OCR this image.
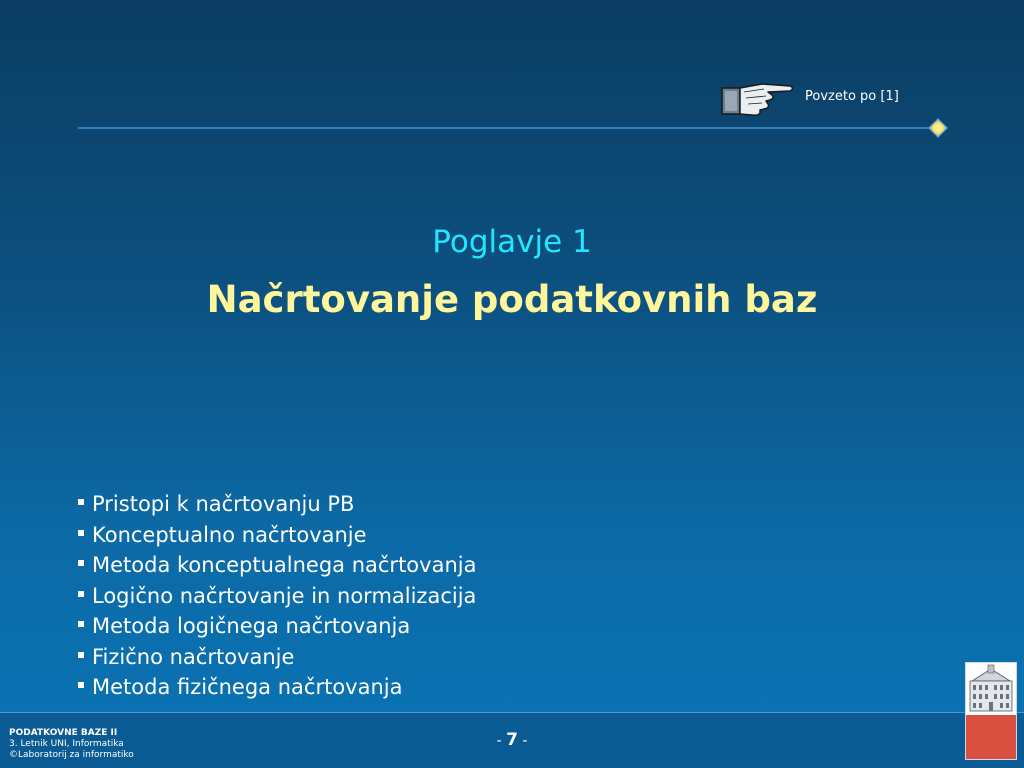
Povzeto po [1]
Poglavje 1
Načrtovanje podatkovnih baz
Pristopi k načrtovanju PB
Konceptualno načrtovanje
Metoda konceptualnega načrtovanja
Logično načrtovanje in normalizacija
Metoda logičnega načrtovanja
Fizično načrtovanje
Metoda fizičnega načrtovanja
PODATKOVNE BAZE II
3. Letnik UNI, Informatika
©Laboratorij za informatiko
- 7 -
